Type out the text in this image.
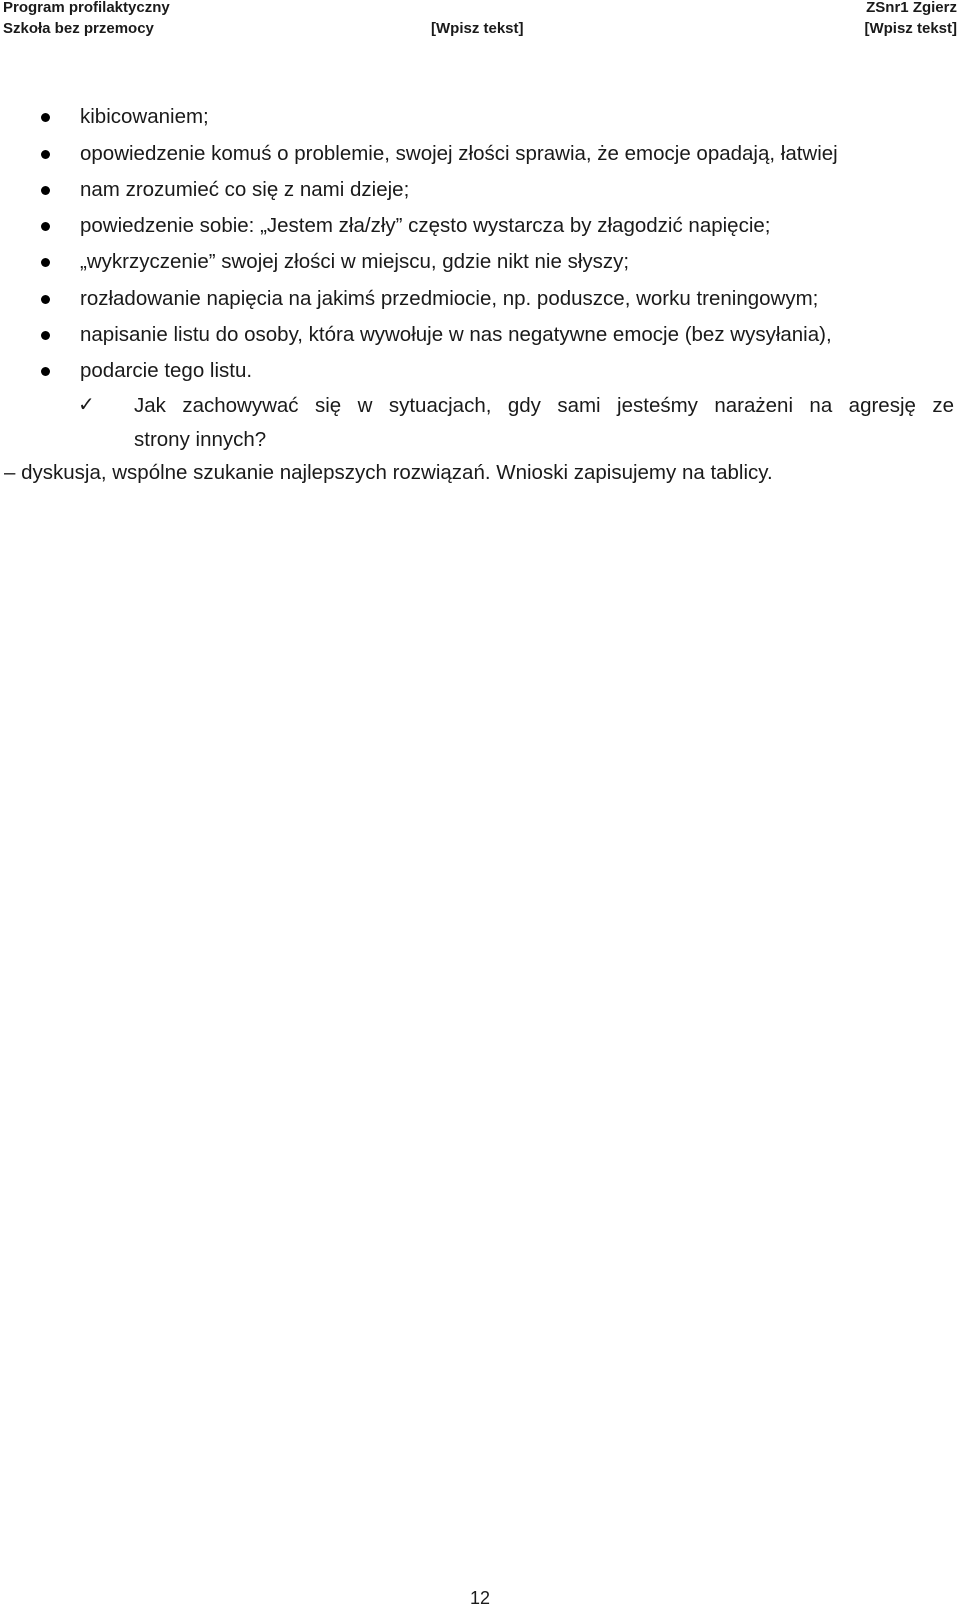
Program profilaktyczny
Szkoła bez przemocy	[Wpisz tekst]
ZSnr1 Zgierz
[Wpisz tekst]
kibicowaniem;
opowiedzenie komuś o problemie, swojej złości sprawia, że emocje opadają, łatwiej
nam zrozumieć co się z nami dzieje;
powiedzenie sobie: „Jestem zła/zły” często wystarcza by złagodzić napięcie;
„wykrzyczenie” swojej złości w miejscu, gdzie nikt nie słyszy;
rozładowanie napięcia na jakimś przedmiocie, np. poduszce, worku treningowym;
napisanie listu do osoby, która wywołuje w nas negatywne emocje (bez wysyłania),
podarcie tego listu.
✓ Jak zachowywać się w sytuacjach, gdy sami jesteśmy narażeni na agresję ze
strony innych?
– dyskusja, wspólne szukanie najlepszych rozwiązań. Wnioski zapisujemy na tablicy.
12
